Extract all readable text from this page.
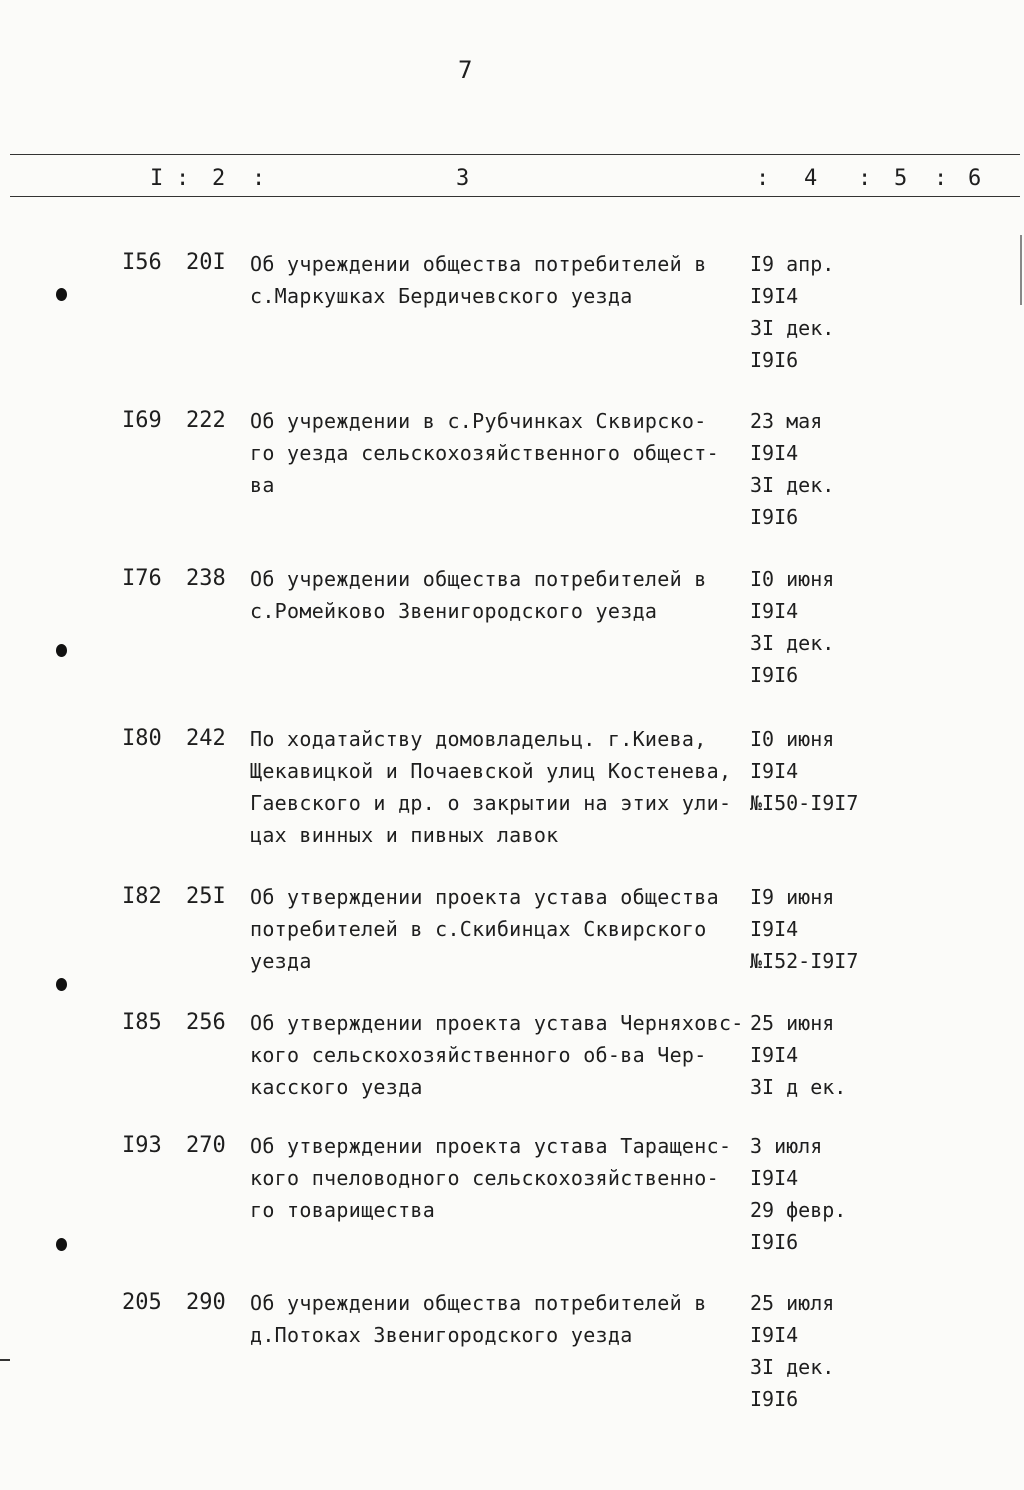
7
I : 2 :	3	: 4 : 5 : 6
I56 20I Об учреждении общества потребителей в
с.Маркушках Бердичевского уезда
I9 апр.
I9I4
3I дек.
I9I6
I69 222 Об учреждении в с.Рубчинках Сквирско-
го уезда сельскохозяйственного общест-
ва
23 мая
I9I4
3I дек.
I9I6
I76 238 Об учреждении общества потребителей в
с.Ромейково Звенигородского уезда
I0 июня
I9I4
3I дек.
I9I6
I80 242 По ходатайству домовладельц. г.Киева,
Щекавицкой и Почаевской улиц Костенева,
Гаевского и др. о закрытии на этих ули-
цах винных и пивных лавок
I0 июня
I9I4
№I50-I9I7
I82 25I Об утверждении проекта устава общества
потребителей в с.Скибинцах Сквирского
уезда
I9 июня
I9I4
№I52-I9I7
I85 256 Об утверждении проекта устава Черняховс-
кого сельскохозяйственного об-ва Чер-
касского уезда
25 июня
I9I4
3I д ек.
I93 270 Об утверждении проекта устава Таращенс-
кого пчеловодного сельскохозяйственно-
го товарищества
3 июля
I9I4
29 февр.
I9I6
205 290 Об учреждении общества потребителей в
д.Потоках Звенигородского уезда
25 июля
I9I4
3I дек.
I9I6
